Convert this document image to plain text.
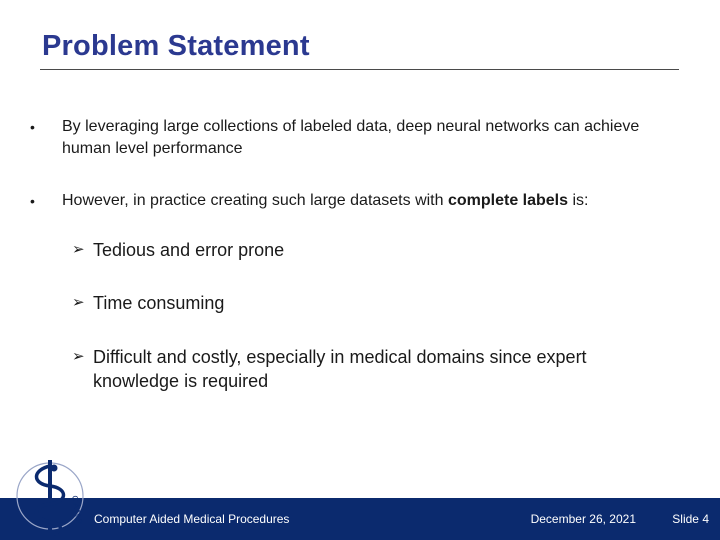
Problem Statement
• By leveraging large collections of labeled data, deep neural networks can achieve human level performance
• However, in practice creating such large datasets with complete labels is:
➢ Tedious and error prone
➢ Time consuming
➢ Difficult and costly, especially in medical domains since expert knowledge is required
Computer Aided Medical Procedures	December 26, 2021	Slide 4
C A M P
